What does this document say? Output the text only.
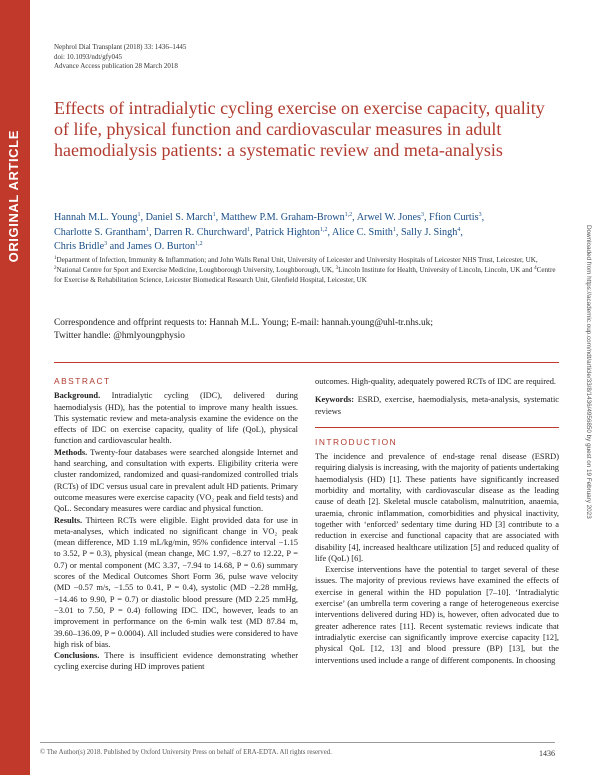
ORIGINAL ARTICLE
Nephrol Dial Transplant (2018) 33: 1436–1445
doi: 10.1093/ndt/gfy045
Advance Access publication 28 March 2018
Effects of intradialytic cycling exercise on exercise capacity, quality of life, physical function and cardiovascular measures in adult haemodialysis patients: a systematic review and meta-analysis
Hannah M.L. Young$^1$, Daniel S. March$^1$, Matthew P.M. Graham-Brown$^{1,2}$, Arwel W. Jones$^3$, Ffion Curtis$^3$,
Charlotte S. Grantham$^1$, Darren R. Churchward$^1$, Patrick Highton$^{1,2}$, Alice C. Smith$^1$, Sally J. Singh$^4$,
Chris Bridle$^3$ and James O. Burton$^{1,2}$
$^1$Department of Infection, Immunity & Inflammation; and John Walls Renal Unit, University of Leicester and University Hospitals of Leicester NHS Trust, Leicester, UK, $^2$National Centre for Sport and Exercise Medicine, Loughborough University, Loughborough, UK, $^3$Lincoln Institute for Health, University of Lincoln, Lincoln, UK and $^4$Centre for Exercise & Rehabilitation Science, Leicester Biomedical Research Unit, Glenfield Hospital, Leicester, UK
Correspondence and offprint requests to: Hannah M.L. Young; E-mail: hannah.young@uhl-tr.nhs.uk;
Twitter handle: @hmlyoungphysio
ABSTRACT

Background. Intradialytic cycling (IDC), delivered during haemodialysis (HD), has the potential to improve many health issues. This systematic review and meta-analysis examine the evidence on the effects of IDC on exercise capacity, quality of life (QoL), physical function and cardiovascular health.

Methods. Twenty-four databases were searched alongside Internet and hand searching, and consultation with experts. Eligibility criteria were cluster randomized, randomized and quasi-randomized controlled trials (RCTs) of IDC versus usual care in prevalent adult HD patients. Primary outcome measures were exercise capacity (VO₂ peak and field tests) and QoL. Secondary measures were cardiac and physical function.

Results. Thirteen RCTs were eligible. Eight provided data for use in meta-analyses, which indicated no significant change in VO₂ peak (mean difference, MD 1.19 mL/kg/min, 95% confidence interval −1.15 to 3.52, P = 0.3), physical (mean change, MC 1.97, −8.27 to 12.22, P = 0.7) or mental component (MC 3.37, −7.94 to 14.68, P = 0.6) summary scores of the Medical Outcomes Short Form 36, pulse wave velocity (MD −0.57 m/s, −1.55 to 0.41, P = 0.4), systolic (MD −2.28 mmHg, −14.46 to 9.90, P = 0.7) or diastolic blood pressure (MD 2.25 mmHg, −3.01 to 7.50, P = 0.4) following IDC. IDC, however, leads to an improvement in performance on the 6-min walk test (MD 87.84 m, 39.60–136.09, P = 0.0004). All included studies were considered to have high risk of bias.

Conclusions. There is insufficient evidence demonstrating whether cycling exercise during HD improves patient

outcomes. High-quality, adequately powered RCTs of IDC are required.

Keywords: ESRD, exercise, haemodialysis, meta-analysis, systematic reviews

INTRODUCTION

The incidence and prevalence of end-stage renal disease (ESRD) requiring dialysis is increasing, with the majority of patients undertaking haemodialysis (HD) [1]. These patients have significantly increased morbidity and mortality, with cardiovascular disease as the leading cause of death [2]. Skeletal muscle catabolism, malnutrition, anaemia, uraemia, chronic inflammation, comorbidities and physical inactivity, together with ‘enforced’ sedentary time during HD [3] contribute to a reduction in exercise and functional capacity that are associated with disability [4], increased healthcare utilization [5] and reduced quality of life (QoL) [6].

Exercise interventions have the potential to target several of these issues. The majority of previous reviews have examined the effects of exercise in general within the HD population [7–10]. ‘Intradialytic exercise’ (an umbrella term covering a range of heterogeneous exercise interventions delivered during HD) is, however, often advocated due to greater adherence rates [11]. Recent systematic reviews indicate that intradialytic exercise can significantly improve exercise capacity [12], physical QoL [12, 13] and blood pressure (BP) [13], but the interventions used include a range of different components. In choosing

Downloaded from https://academic.oup.com/ndt/article/33/8/1436/4956850 by guest on 19 February 2023
© The Author(s) 2018. Published by Oxford University Press on behalf of ERA-EDTA. All rights reserved.	1436
